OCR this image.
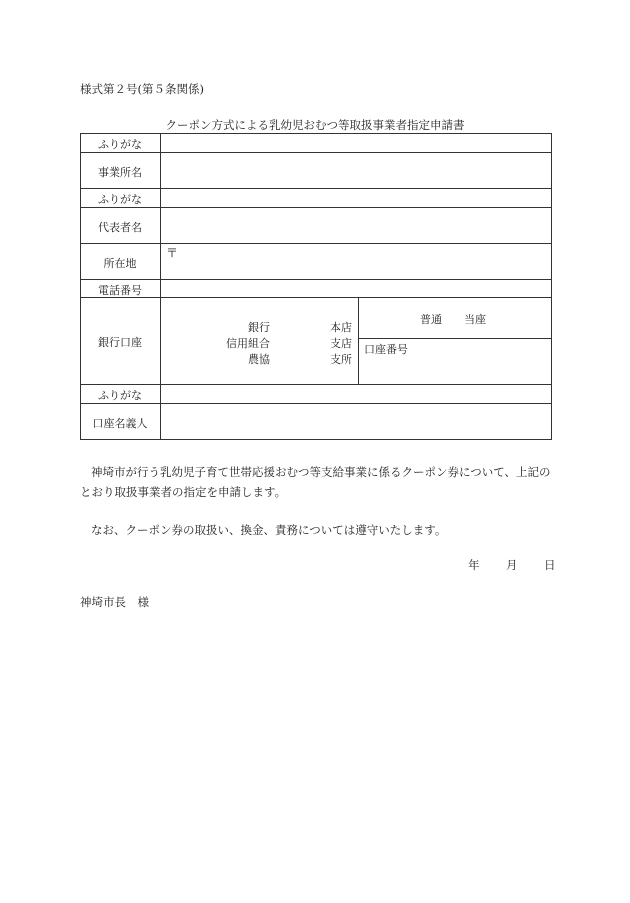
様式第２号(第５条関係)
クーポン方式による乳幼児おむつ等取扱事業者指定申請書
ふりがな
事業所名
ふりがな
代表者名
所在地
電話番号
銀行口座
ふりがな
口座名義人
〒
銀行
信用組合
農協
本店
支店
支所
普通　　当座
口座番号

神埼市が行う乳幼児子育て世帯応援おむつ等支給事業に係るクーポン券について、上記のとおり取扱事業者の指定を申請します。

なお、クーポン券の取扱い、換金、責務については遵守いたします。

年 月 日
神埼市長　様
